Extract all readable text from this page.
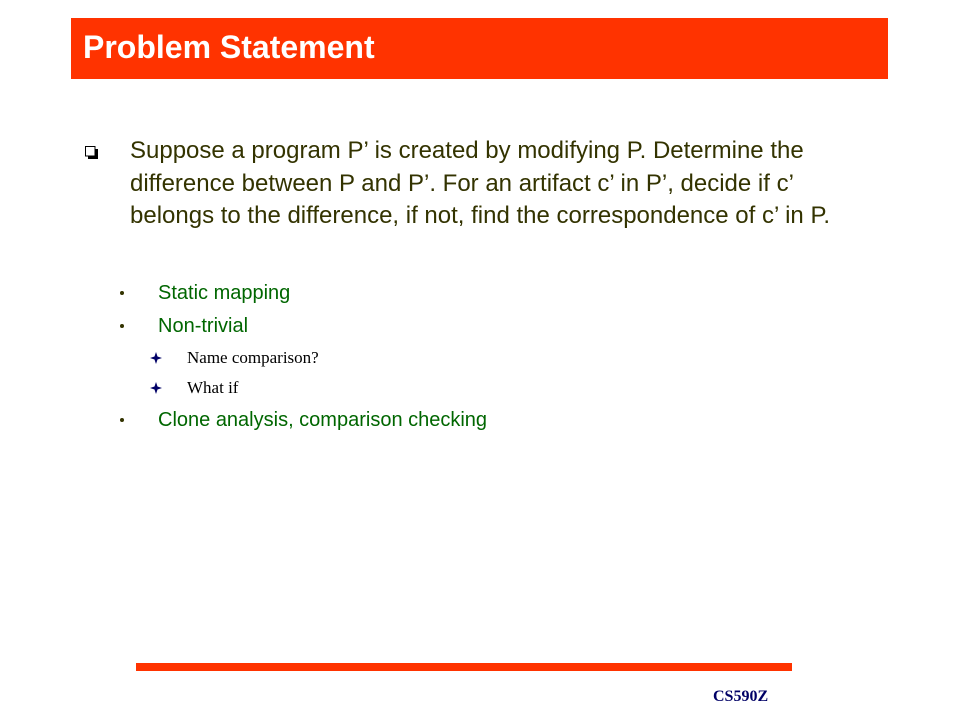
Problem Statement
Suppose a program P’ is created by modifying P. Determine the difference between P and P’. For an artifact c’ in P’, decide if c’ belongs to the difference, if not, find the correspondence of c’ in P.
Static mapping
Non-trivial
Name comparison?
What if
Clone analysis, comparison checking
CS590Z
